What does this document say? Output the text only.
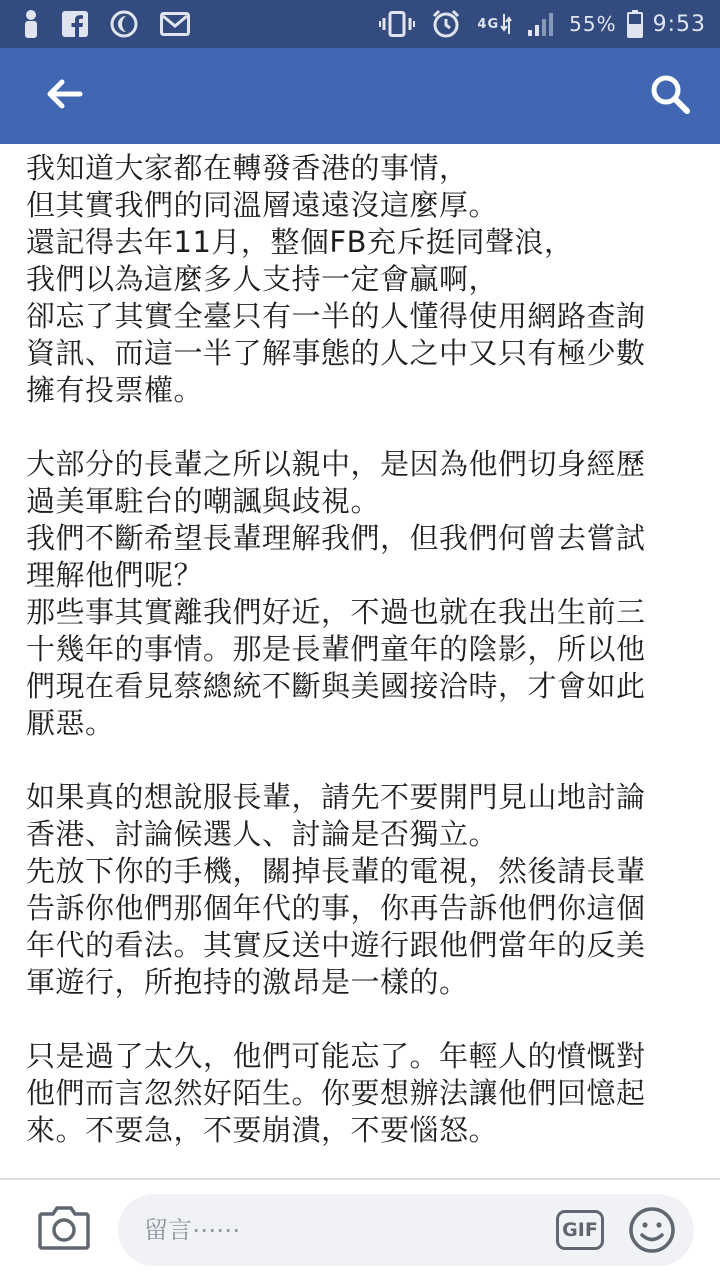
4G	55% 9:53
我知道大家都在轉發香港的事情，
但其實我們的同溫層遠遠沒這麼厚。
還記得去年11月，整個FB充斥挺同聲浪，
我們以為這麼多人支持一定會贏啊，
卻忘了其實全臺只有一半的人懂得使用網路查詢
資訊、而這一半了解事態的人之中又只有極少數
擁有投票權。
大部分的長輩之所以親中，是因為他們切身經歷
過美軍駐台的嘲諷與歧視。
我們不斷希望長輩理解我們，但我們何曾去嘗試
理解他們呢？
那些事其實離我們好近，不過也就在我出生前三
十幾年的事情。那是長輩們童年的陰影，所以他
們現在看見蔡總統不斷與美國接洽時，才會如此
厭惡。
如果真的想說服長輩，請先不要開門見山地討論
香港、討論候選人、討論是否獨立。
先放下你的手機，關掉長輩的電視，然後請長輩
告訴你他們那個年代的事，你再告訴他們你這個
年代的看法。其實反送中遊行跟他們當年的反美
軍遊行，所抱持的激昂是一樣的。
只是過了太久，他們可能忘了。年輕人的憤慨對
他們而言忽然好陌生。你要想辦法讓他們回憶起
來。不要急，不要崩潰，不要惱怒。
留言⋯⋯
GIF
